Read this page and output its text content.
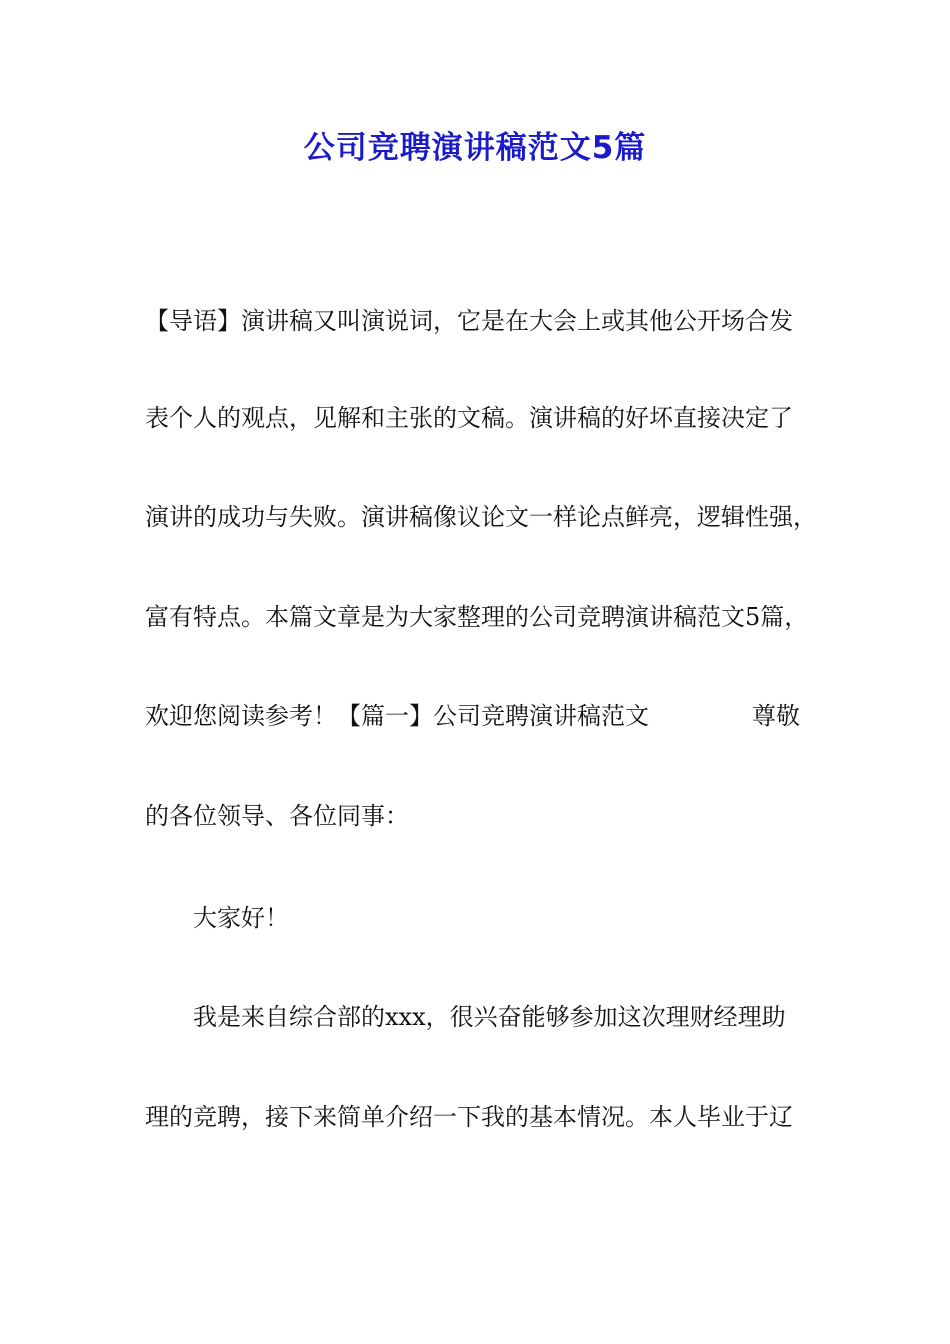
公司竞聘演讲稿范文5篇
【导语】演讲稿又叫演说词，它是在大会上或其他公开场合发
表个人的观点，见解和主张的文稿。演讲稿的好坏直接决定了
演讲的成功与失败。演讲稿像议论文一样论点鲜亮，逻辑性强，
富有特点。本篇文章是为大家整理的公司竞聘演讲稿范文5篇，
欢迎您阅读参考！【篇一】公司竞聘演讲稿范文	尊敬
的各位领导、各位同事：
大家好！
我是来自综合部的xxx，很兴奋能够参加这次理财经理助
理的竞聘，接下来简单介绍一下我的基本情况。本人毕业于辽
